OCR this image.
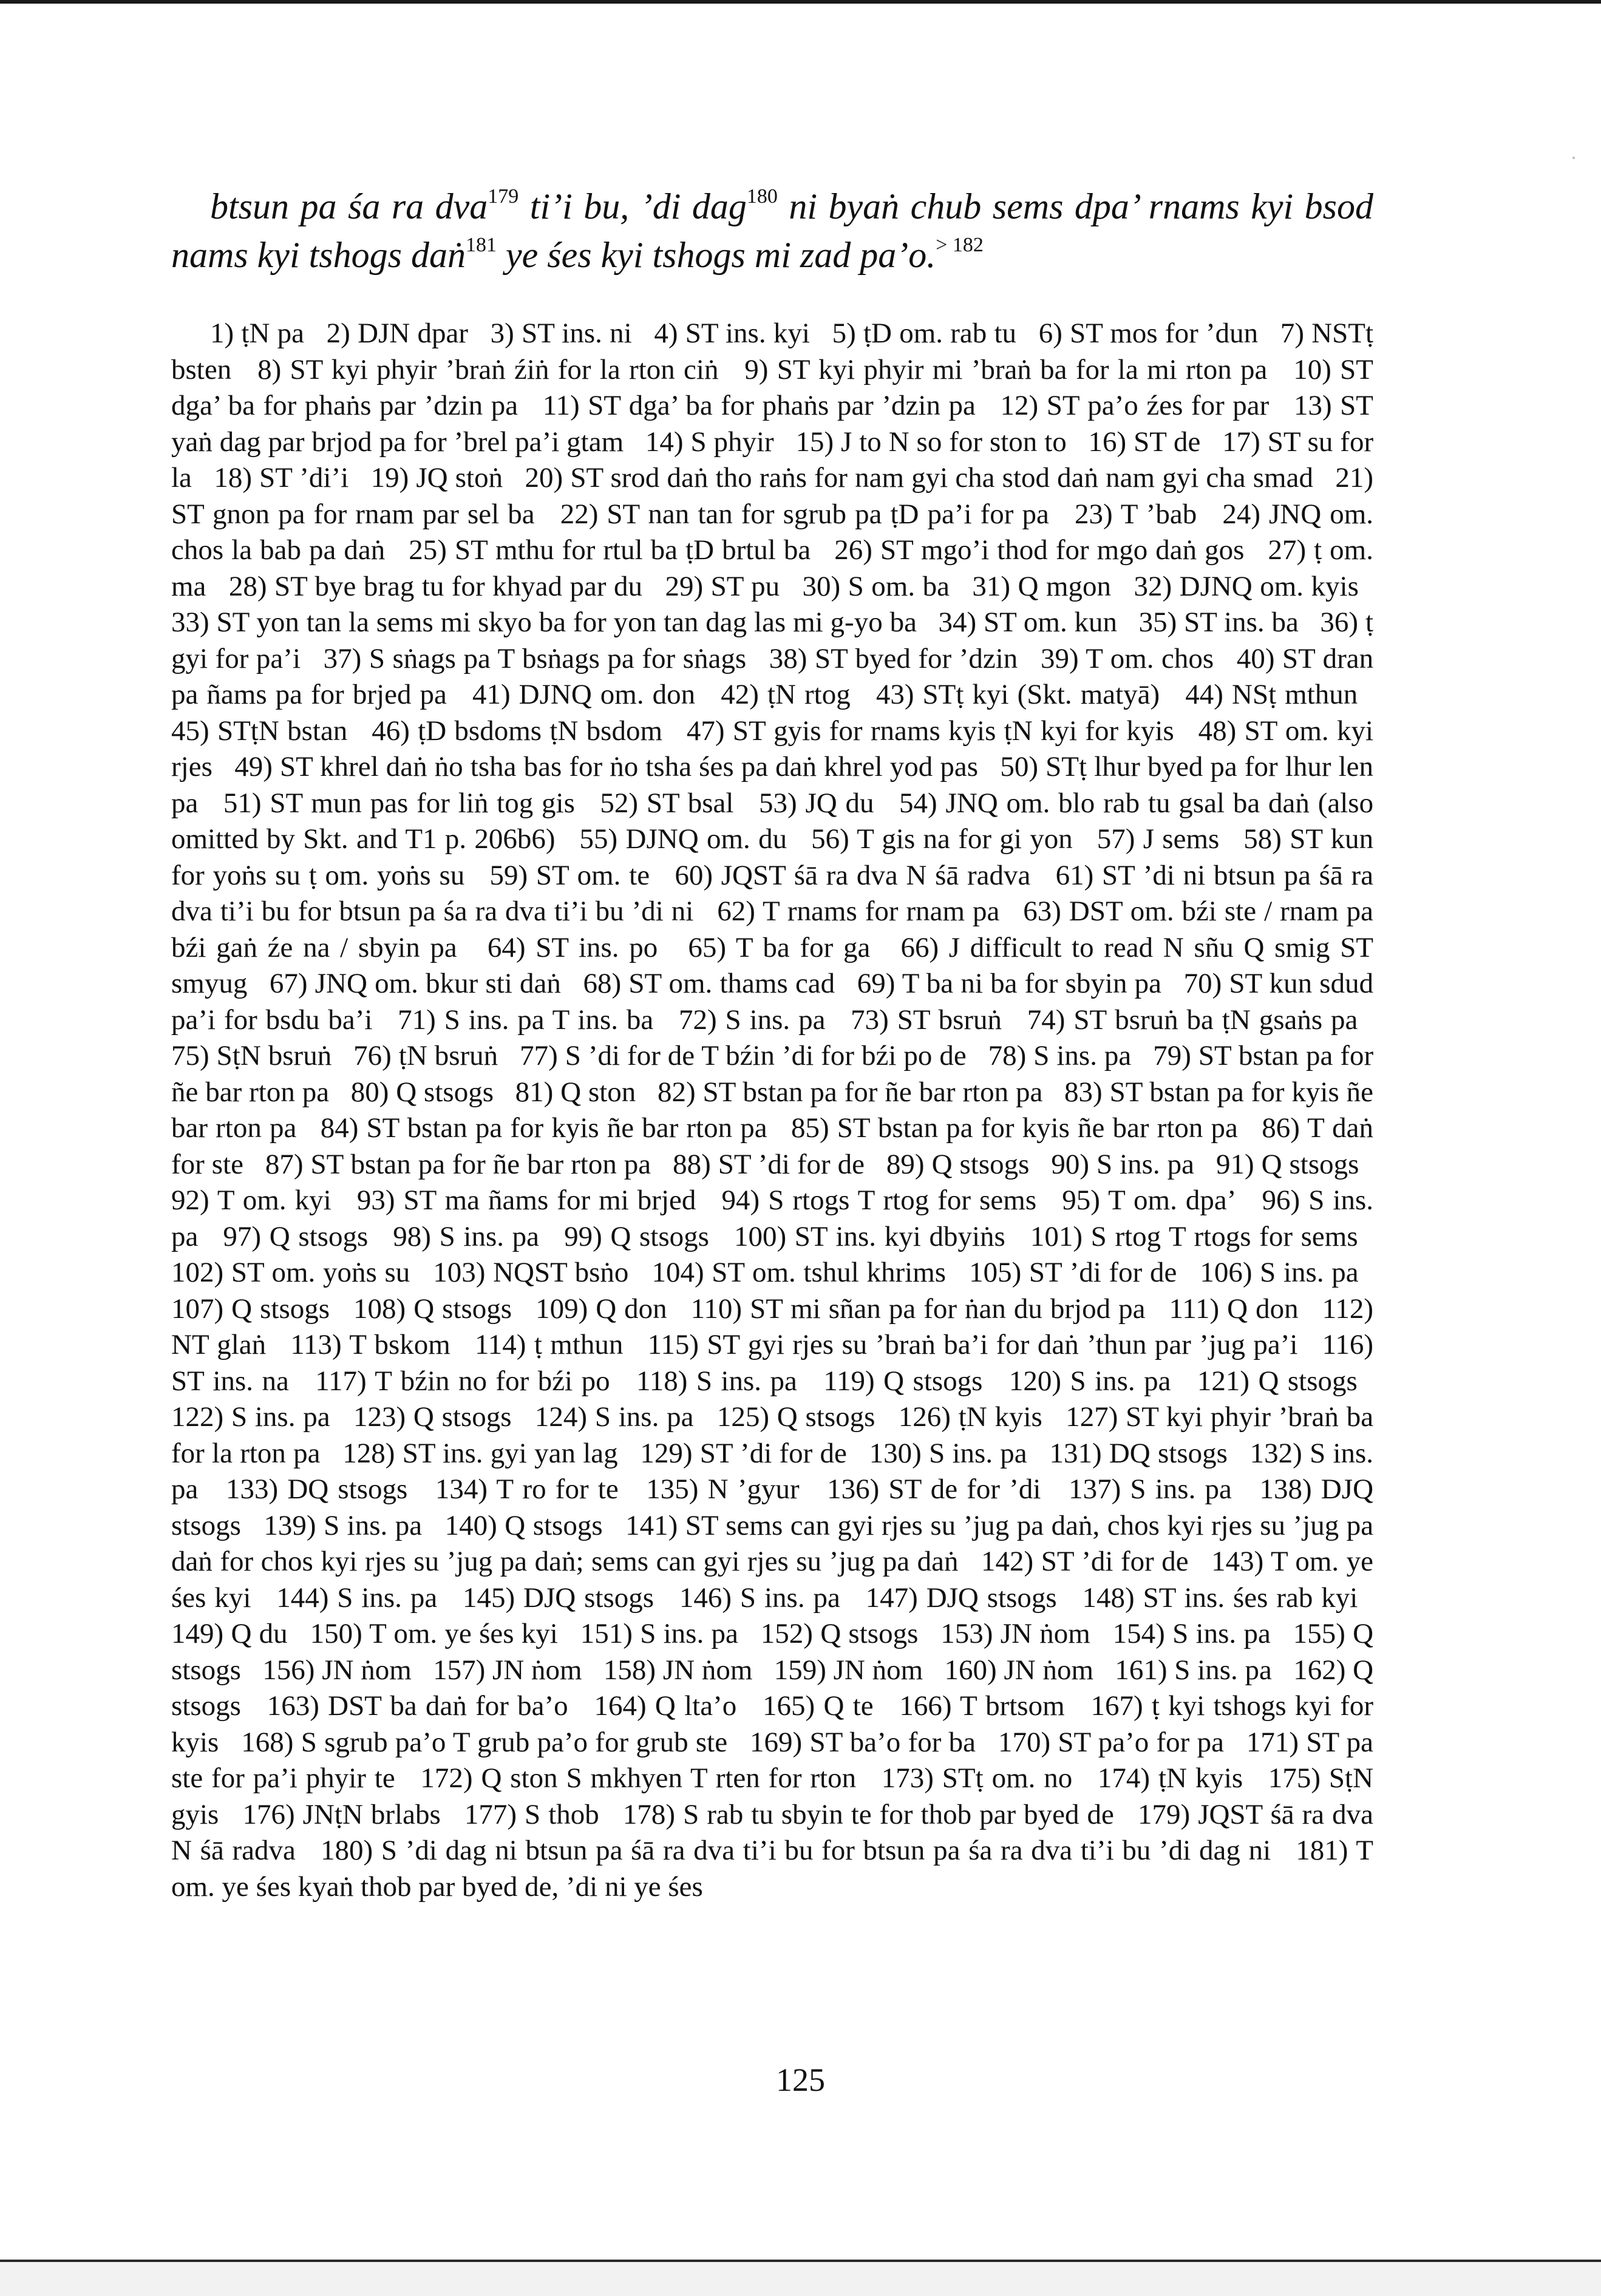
btsun pa śa ra dva$^{179}$ ti’i bu, ’di dag$^{180}$ ni byaṅ chub sems dpa’ rnams kyi bsod nams kyi tshogs daṅ$^{181}$ ye śes kyi tshogs mi zad pa’o.$^{> 182}$

1) ṭN pa 2) DJN dpar 3) ST ins. ni 4) ST ins. kyi 5) ṭD om. rab tu 6) ST mos for ’dun 7) NSTṭ bsten 8) ST kyi phyir ’braṅ źiṅ for la rton ciṅ 9) ST kyi phyir mi ’braṅ ba for la mi rton pa 10) ST dga’ ba for phaṅs par ’dzin pa 11) ST dga’ ba for phaṅs par ’dzin pa 12) ST pa’o źes for par 13) ST yaṅ dag par brjod pa for ’brel pa’i gtam 14) S phyir 15) J to N so for ston to 16) ST de 17) ST su for la 18) ST ’di’i 19) JQ stoṅ 20) ST srod daṅ tho raṅs for nam gyi cha stod daṅ nam gyi cha smad 21) ST gnon pa for rnam par sel ba 22) ST nan tan for sgrub pa ṭD pa’i for pa 23) T ’bab 24) JNQ om. chos la bab pa daṅ 25) ST mthu for rtul ba ṭD brtul ba 26) ST mgo’i thod for mgo daṅ gos 27) ṭ om. ma 28) ST bye brag tu for khyad par du 29) ST pu 30) S om. ba 31) Q mgon 32) DJNQ om. kyis   33) ST yon tan la sems mi skyo ba for yon tan dag las mi g-yo ba 34) ST om. kun 35) ST ins. ba 36) ṭ gyi for pa’i 37) S sṅags pa T bsṅags pa for sṅags 38) ST byed for ’dzin 39) T om. chos 40) ST dran pa ñams pa for brjed pa 41) DJNQ om. don 42) ṭN rtog 43) STṭ kyi (Skt. matyā) 44) NSṭ mthun   45) STṭN bstan 46) ṭD bsdoms ṭN bsdom 47) ST gyis for rnams kyis ṭN kyi for kyis 48) ST om. kyi rjes 49) ST khrel daṅ ṅo tsha bas for ṅo tsha śes pa daṅ khrel yod pas 50) STṭ lhur byed pa for lhur len pa 51) ST mun pas for liṅ tog gis 52) ST bsal 53) JQ du 54) JNQ om. blo rab tu gsal ba daṅ (also omitted by Skt. and T1 p. 206b6) 55) DJNQ om. du 56) T gis na for gi yon 57) J sems 58) ST kun for yoṅs su ṭ om. yoṅs su 59) ST om. te 60) JQST śā ra dva N śā radva 61) ST ’di ni btsun pa śā ra dva ti’i bu for btsun pa śa ra dva ti’i bu ’di ni 62) T rnams for rnam pa 63) DST om. bźi ste / rnam pa bźi gaṅ źe na / sbyin pa 64) ST ins. po 65) T ba for ga 66) J difficult to read N sñu Q smig ST smyug 67) JNQ om. bkur sti daṅ 68) ST om. thams cad 69) T ba ni ba for sbyin pa 70) ST kun sdud pa’i for bsdu ba’i 71) S ins. pa T ins. ba 72) S ins. pa 73) ST bsruṅ 74) ST bsruṅ ba ṭN gsaṅs pa   75) SṭN bsruṅ 76) ṭN bsruṅ 77) S ’di for de T bźin ’di for bźi po de 78) S ins. pa 79) ST bstan pa for ñe bar rton pa 80) Q stsogs 81) Q ston 82) ST bstan pa for ñe bar rton pa 83) ST bstan pa for kyis ñe bar rton pa 84) ST bstan pa for kyis ñe bar rton pa 85) ST bstan pa for kyis ñe bar rton pa 86) T daṅ for ste 87) ST bstan pa for ñe bar rton pa 88) ST ’di for de 89) Q stsogs 90) S ins. pa 91) Q stsogs   92) T om. kyi 93) ST ma ñams for mi brjed 94) S rtogs T rtog for sems 95) T om. dpa’ 96) S ins. pa 97) Q stsogs 98) S ins. pa 99) Q stsogs 100) ST ins. kyi dbyiṅs 101) S rtog T rtogs for sems   102) ST om. yoṅs su 103) NQST bsṅo 104) ST om. tshul khrims 105) ST ’di for de 106) S ins. pa   107) Q stsogs 108) Q stsogs 109) Q don 110) ST mi sñan pa for ṅan du brjod pa 111) Q don 112) NT glaṅ 113) T bskom 114) ṭ mthun 115) ST gyi rjes su ’braṅ ba’i for daṅ ’thun par ’jug pa’i 116) ST ins. na 117) T bźin no for bźi po 118) S ins. pa 119) Q stsogs 120) S ins. pa 121) Q stsogs   122) S ins. pa 123) Q stsogs 124) S ins. pa 125) Q stsogs 126) ṭN kyis 127) ST kyi phyir ’braṅ ba for la rton pa 128) ST ins. gyi yan lag 129) ST ’di for de 130) S ins. pa 131) DQ stsogs 132) S ins. pa 133) DQ stsogs 134) T ro for te 135) N ’gyur 136) ST de for ’di 137) S ins. pa 138) DJQ stsogs 139) S ins. pa 140) Q stsogs 141) ST sems can gyi rjes su ’jug pa daṅ, chos kyi rjes su ’jug pa daṅ for chos kyi rjes su ’jug pa daṅ; sems can gyi rjes su ’jug pa daṅ 142) ST ’di for de 143) T om. ye śes kyi 144) S ins. pa 145) DJQ stsogs 146) S ins. pa 147) DJQ stsogs 148) ST ins. śes rab kyi   149) Q du 150) T om. ye śes kyi 151) S ins. pa 152) Q stsogs 153) JN ṅom 154) S ins. pa 155) Q stsogs 156) JN ṅom 157) JN ṅom 158) JN ṅom 159) JN ṅom 160) JN ṅom 161) S ins. pa 162) Q stsogs 163) DST ba daṅ for ba’o 164) Q lta’o 165) Q te 166) T brtsom 167) ṭ kyi tshogs kyi for kyis 168) S sgrub pa’o T grub pa’o for grub ste 169) ST ba’o for ba 170) ST pa’o for pa 171) ST pa ste for pa’i phyir te 172) Q ston S mkhyen T rten for rton 173) STṭ om. no 174) ṭN kyis 175) SṭN gyis 176) JNṭN brlabs 177) S thob 178) S rab tu sbyin te for thob par byed de 179) JQST śā ra dva N śā radva 180) S ’di dag ni btsun pa śā ra dva ti’i bu for btsun pa śa ra dva ti’i bu ’di dag ni 181) T om. ye śes kyaṅ thob par byed de, ’di ni ye śes

125
